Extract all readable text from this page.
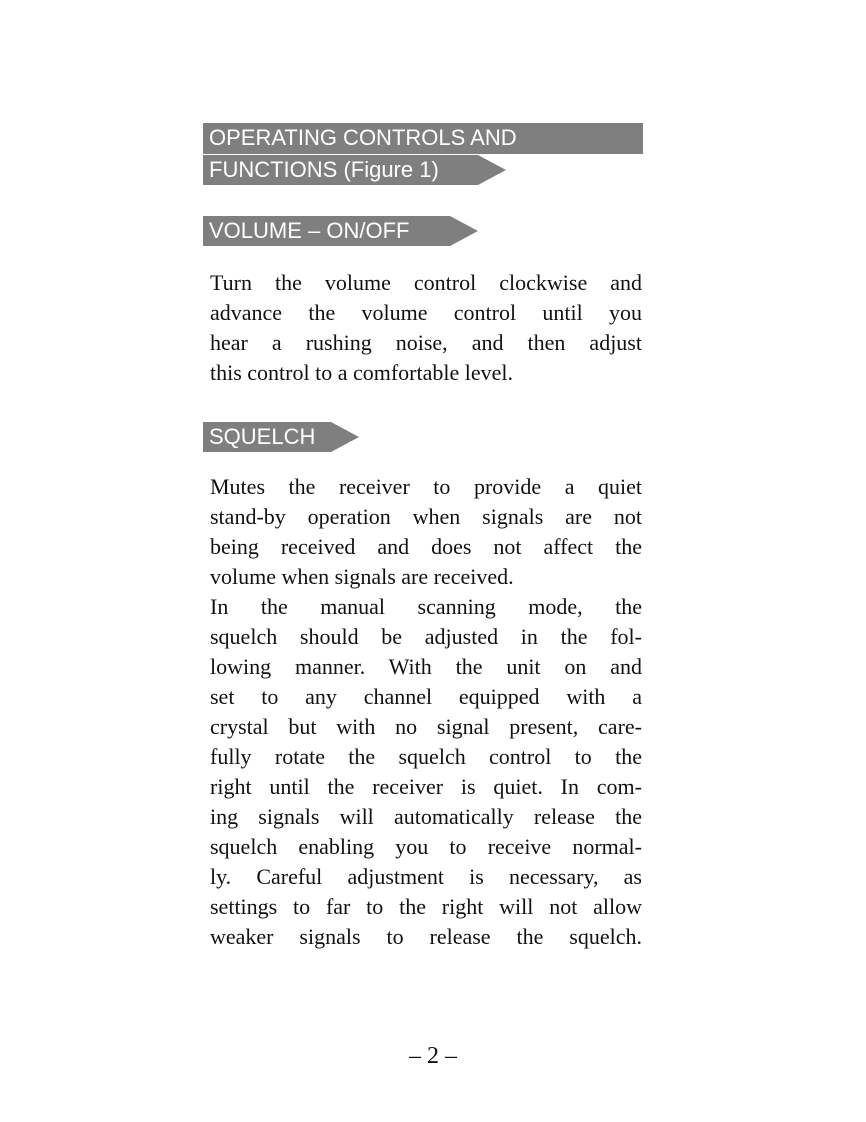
OPERATING CONTROLS AND
FUNCTIONS (Figure 1)
VOLUME – ON/OFF
Turn the volume control clockwise and
advance the volume control until you
hear a rushing noise, and then adjust
this control to a comfortable level.
SQUELCH
Mutes the receiver to provide a quiet
stand-by operation when signals are not
being received and does not affect the
volume when signals are received.
In the manual scanning mode, the
squelch should be adjusted in the fol-
lowing manner. With the unit on and
set to any channel equipped with a
crystal but with no signal present, care-
fully rotate the squelch control to the
right until the receiver is quiet. In com-
ing signals will automatically release the
squelch enabling you to receive normal-
ly. Careful adjustment is necessary, as
settings to far to the right will not allow
weaker signals to release the squelch.
– 2 –
